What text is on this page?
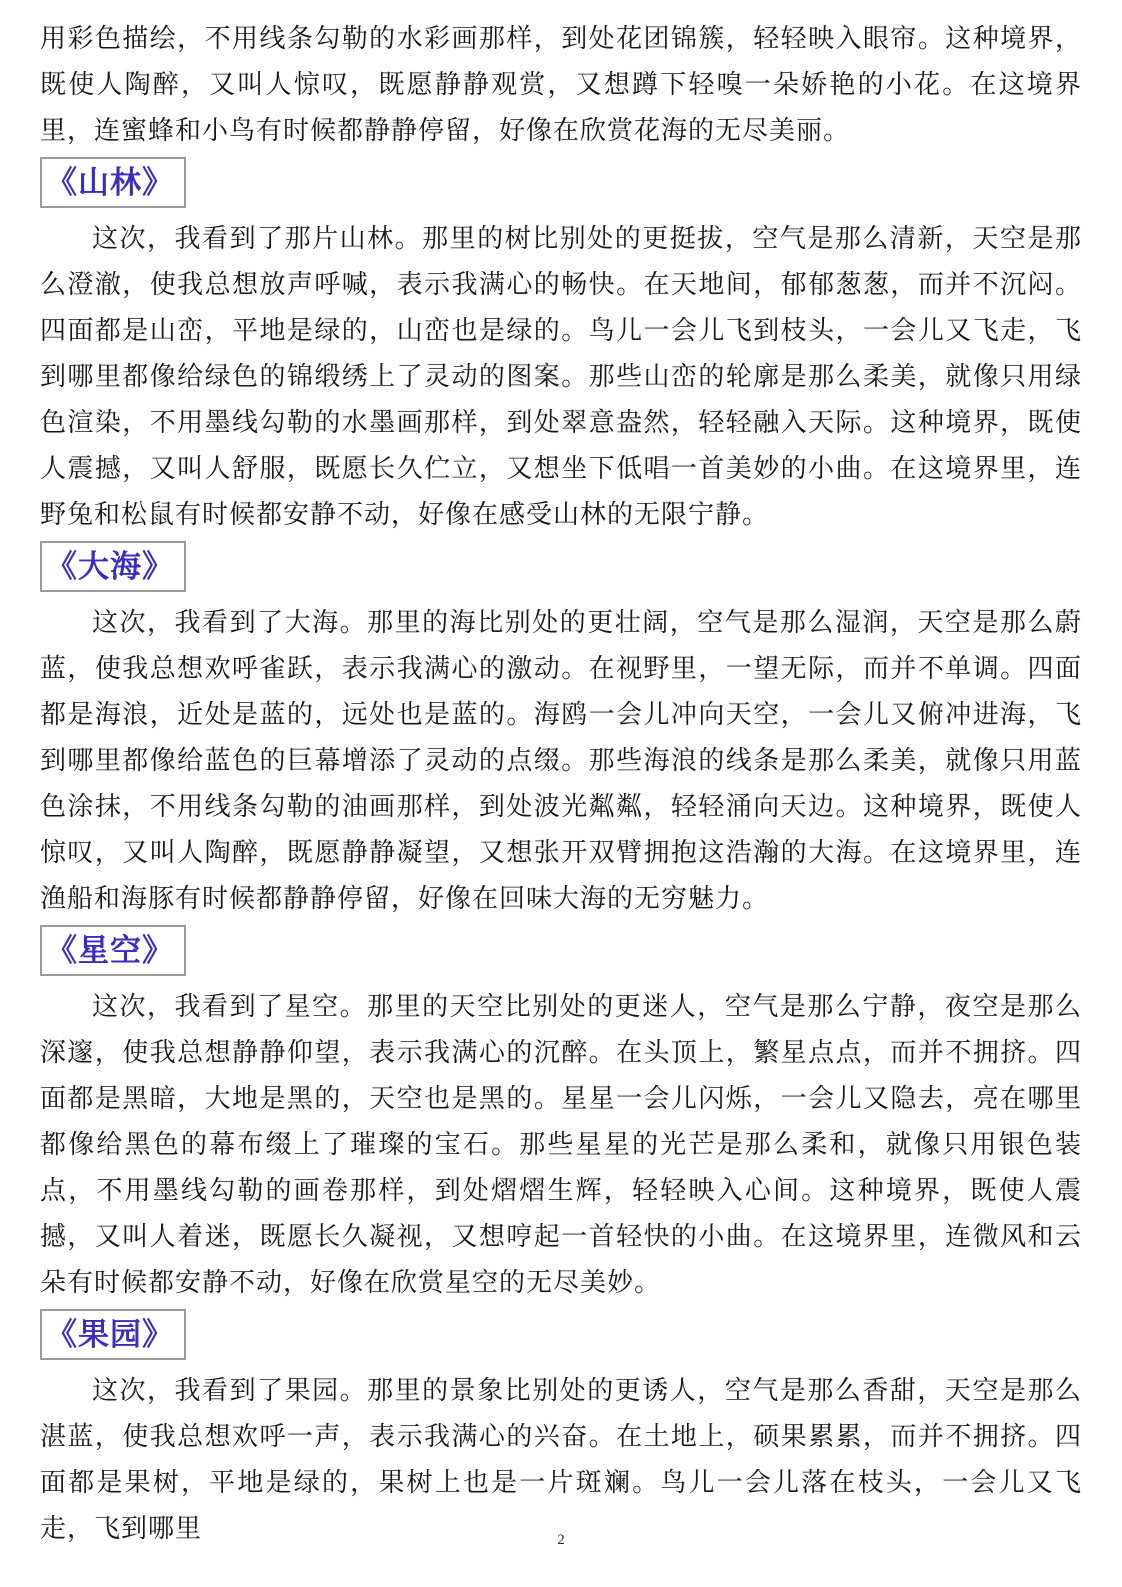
用彩色描绘，不用线条勾勒的水彩画那样，到处花团锦簇，轻轻映入眼帘。这种境界，既使人陶醉，又叫人惊叹，既愿静静观赏，又想蹲下轻嗅一朵娇艳的小花。在这境界里，连蜜蜂和小鸟有时候都静静停留，好像在欣赏花海的无尽美丽。

《山林》

这次，我看到了那片山林。那里的树比别处的更挺拔，空气是那么清新，天空是那么澄澈，使我总想放声呼喊，表示我满心的畅快。在天地间，郁郁葱葱，而并不沉闷。四面都是山峦，平地是绿的，山峦也是绿的。鸟儿一会儿飞到枝头，一会儿又飞走，飞到哪里都像给绿色的锦缎绣上了灵动的图案。那些山峦的轮廓是那么柔美，就像只用绿色渲染，不用墨线勾勒的水墨画那样，到处翠意盎然，轻轻融入天际。这种境界，既使人震撼，又叫人舒服，既愿长久伫立，又想坐下低唱一首美妙的小曲。在这境界里，连野兔和松鼠有时候都安静不动，好像在感受山林的无限宁静。

《大海》

这次，我看到了大海。那里的海比别处的更壮阔，空气是那么湿润，天空是那么蔚蓝，使我总想欢呼雀跃，表示我满心的激动。在视野里，一望无际，而并不单调。四面都是海浪，近处是蓝的，远处也是蓝的。海鸥一会儿冲向天空，一会儿又俯冲进海，飞到哪里都像给蓝色的巨幕增添了灵动的点缀。那些海浪的线条是那么柔美，就像只用蓝色涂抹，不用线条勾勒的油画那样，到处波光粼粼，轻轻涌向天边。这种境界，既使人惊叹，又叫人陶醉，既愿静静凝望，又想张开双臂拥抱这浩瀚的大海。在这境界里，连渔船和海豚有时候都静静停留，好像在回味大海的无穷魅力。

《星空》

这次，我看到了星空。那里的天空比别处的更迷人，空气是那么宁静，夜空是那么深邃，使我总想静静仰望，表示我满心的沉醉。在头顶上，繁星点点，而并不拥挤。四面都是黑暗，大地是黑的，天空也是黑的。星星一会儿闪烁，一会儿又隐去，亮在哪里都像给黑色的幕布缀上了璀璨的宝石。那些星星的光芒是那么柔和，就像只用银色装点，不用墨线勾勒的画卷那样，到处熠熠生辉，轻轻映入心间。这种境界，既使人震撼，又叫人着迷，既愿长久凝视，又想哼起一首轻快的小曲。在这境界里，连微风和云朵有时候都安静不动，好像在欣赏星空的无尽美妙。

《果园》

这次，我看到了果园。那里的景象比别处的更诱人，空气是那么香甜，天空是那么湛蓝，使我总想欢呼一声，表示我满心的兴奋。在土地上，硕果累累，而并不拥挤。四面都是果树，平地是绿的，果树上也是一片斑斓。鸟儿一会儿落在枝头，一会儿又飞走，飞到哪里	2
